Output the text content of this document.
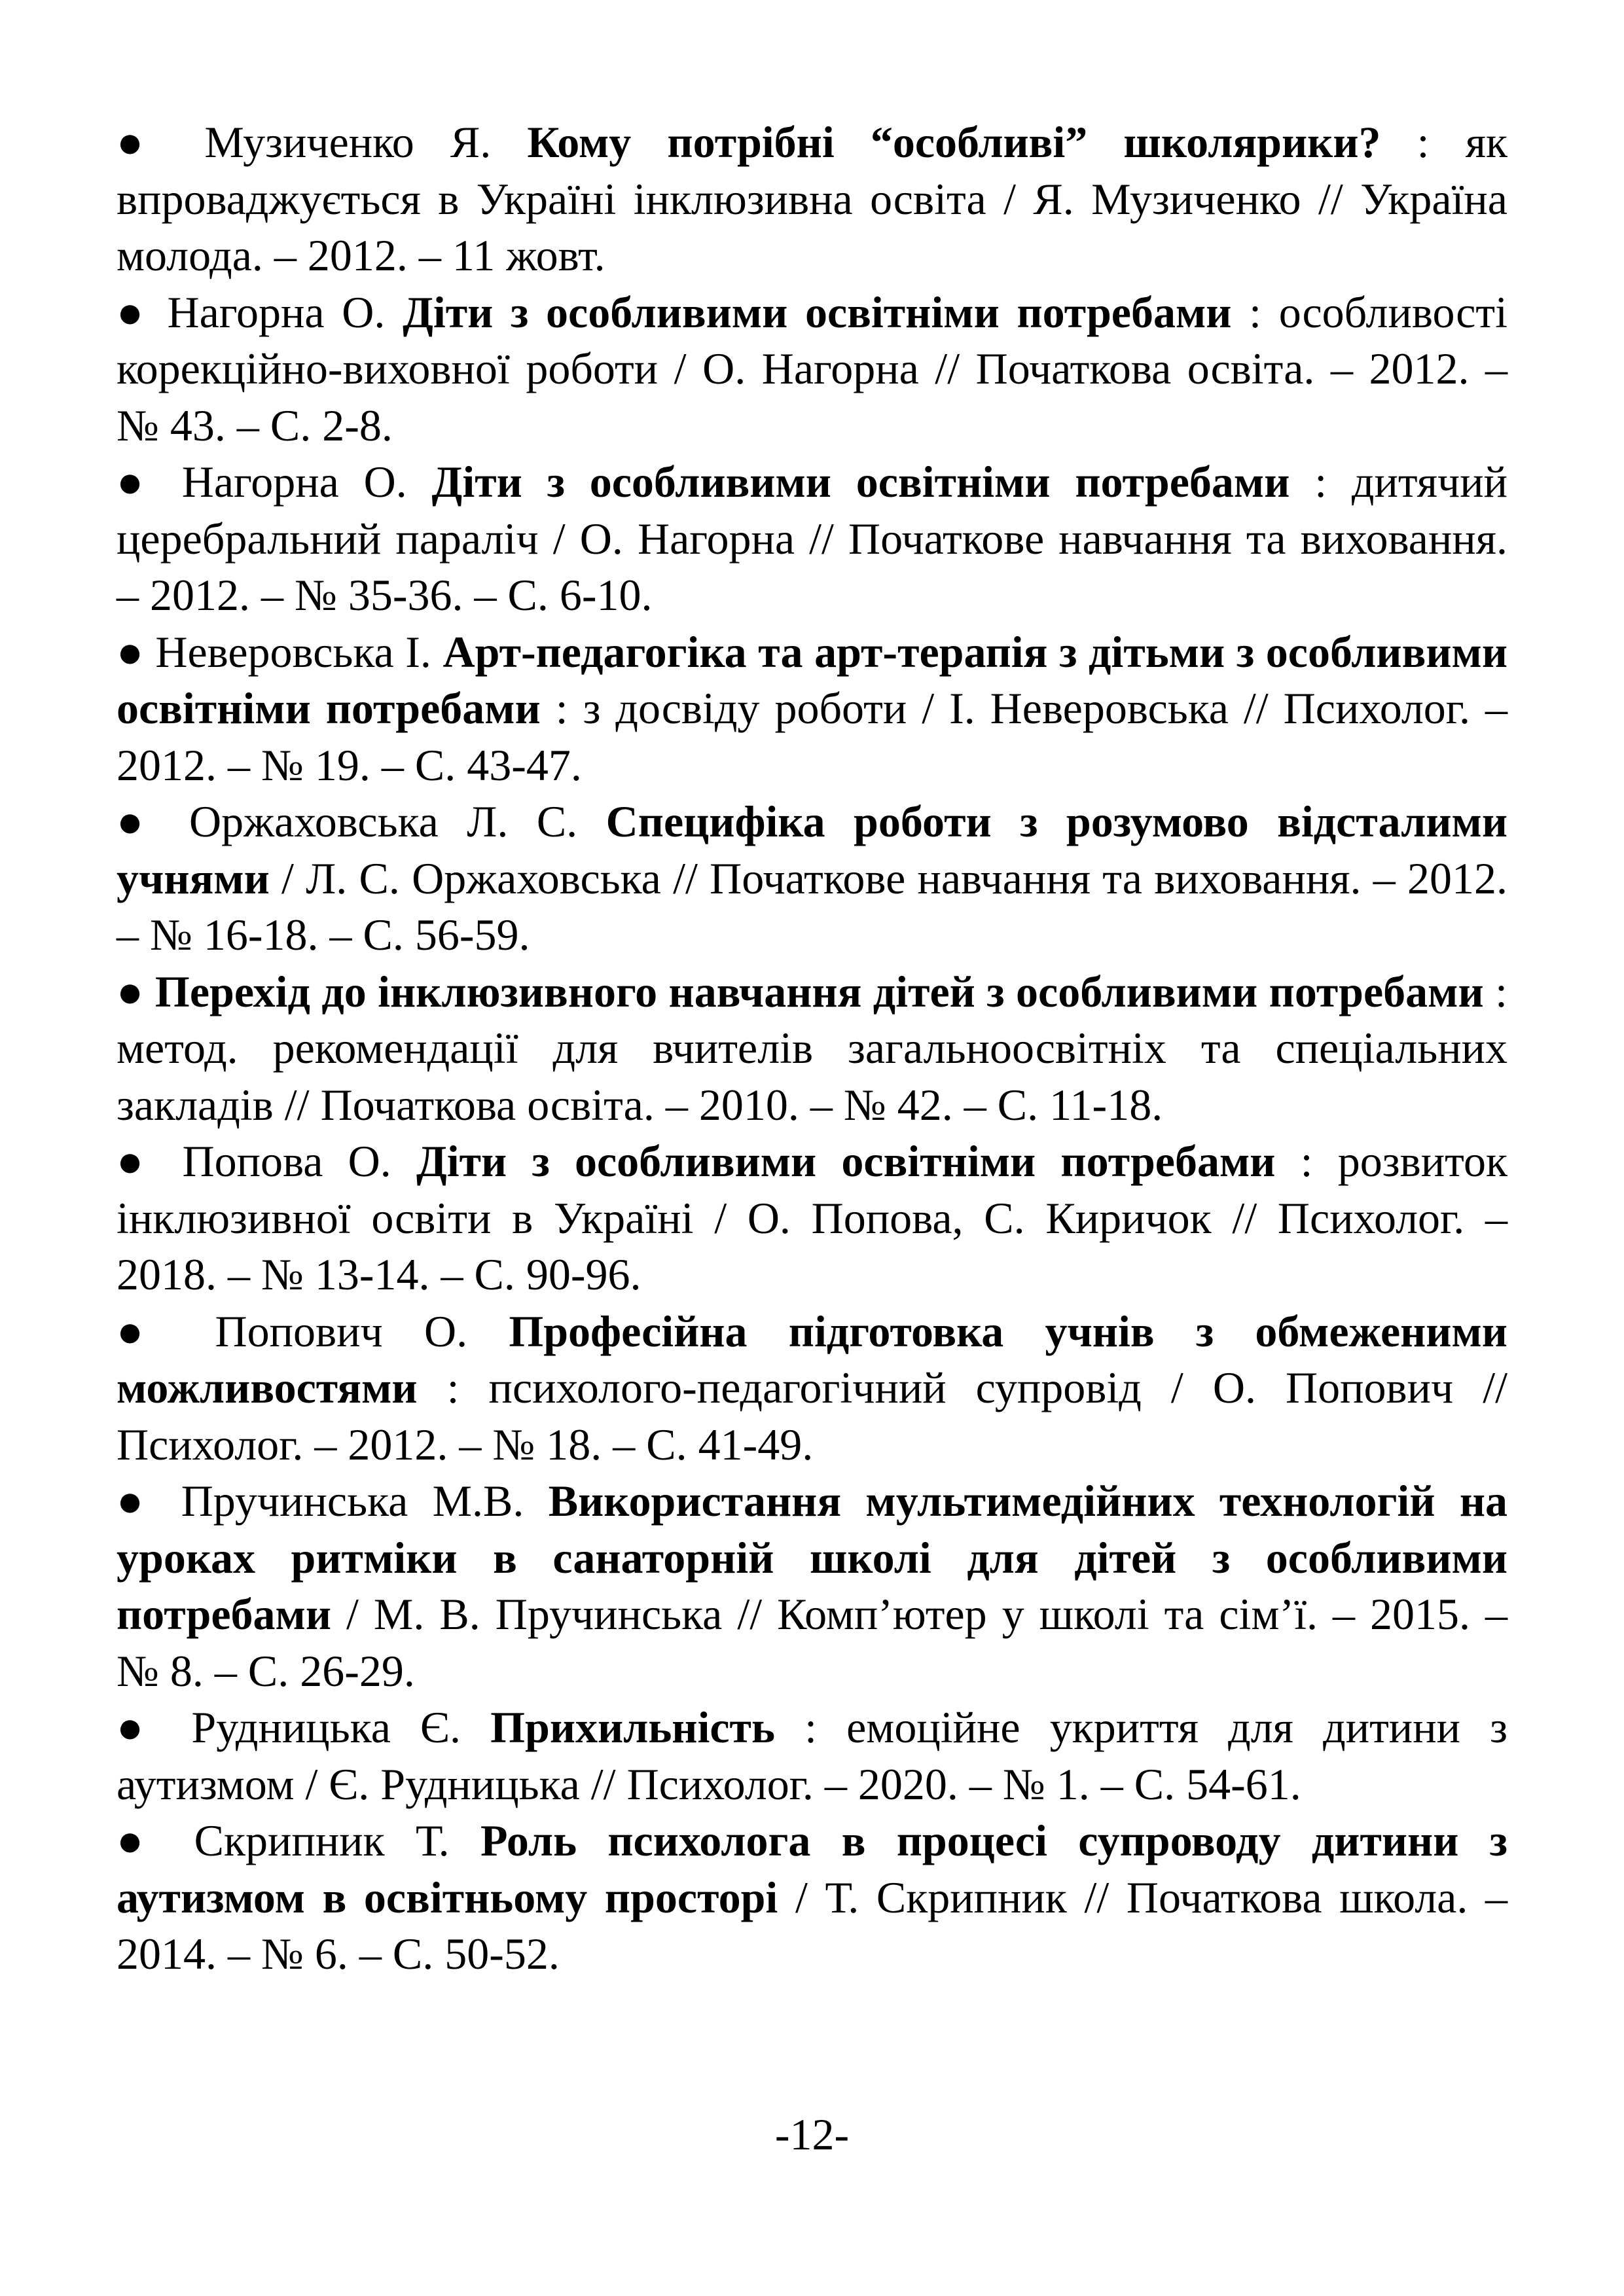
● Музиченко Я. Кому потрібні “особливі” школярики? : як впроваджується в Україні інклюзивна освіта / Я. Музиченко // Україна молода. – 2012. – 11 жовт.

● Нагорна О. Діти з особливими освітніми потребами : особливості корекційно-виховної роботи / О. Нагорна // Початкова освіта. – 2012. – № 43. – С. 2-8.

● Нагорна О. Діти з особливими освітніми потребами : дитячий церебральний параліч / О. Нагорна // Початкове навчання та виховання. – 2012. – № 35-36. – С. 6-10.

● Неверовська І. Арт-педагогіка та арт-терапія з дітьми з особливими освітніми потребами : з досвіду роботи / І. Неверовська // Психолог. – 2012. – № 19. – С. 43-47.

● Оржаховська Л. С. Специфіка роботи з розумово відсталими учнями / Л. С. Оржаховська // Початкове навчання та виховання. – 2012. – № 16-18. – С. 56-59.

● Перехід до інклюзивного навчання дітей з особливими потребами : метод. рекомендації для вчителів загальноосвітніх та спеціальних закладів // Початкова освіта. – 2010. – № 42. – С. 11-18.

● Попова О. Діти з особливими освітніми потребами : розвиток інклюзивної освіти в Україні / О. Попова, С. Киричок // Психолог. – 2018. – № 13-14. – С. 90-96.

● Попович О. Професійна підготовка учнів з обмеженими можливостями : психолого-педагогічний супровід / О. Попович // Психолог. – 2012. – № 18. – С. 41-49.

● Пручинська М.В. Використання мультимедійних технологій на уроках ритміки в санаторній школі для дітей з особливими потребами / М. В. Пручинська // Комп’ютер у школі та сім’ї. – 2015. – № 8. – С. 26-29.

● Рудницька Є. Прихильність : емоційне укриття для дитини з аутизмом / Є. Рудницька // Психолог. – 2020. – № 1. – С. 54-61.

● Скрипник Т. Роль психолога в процесі супроводу дитини з аутизмом в освітньому просторі / Т. Скрипник // Початкова школа. – 2014. – № 6. – С. 50-52.

-12-
